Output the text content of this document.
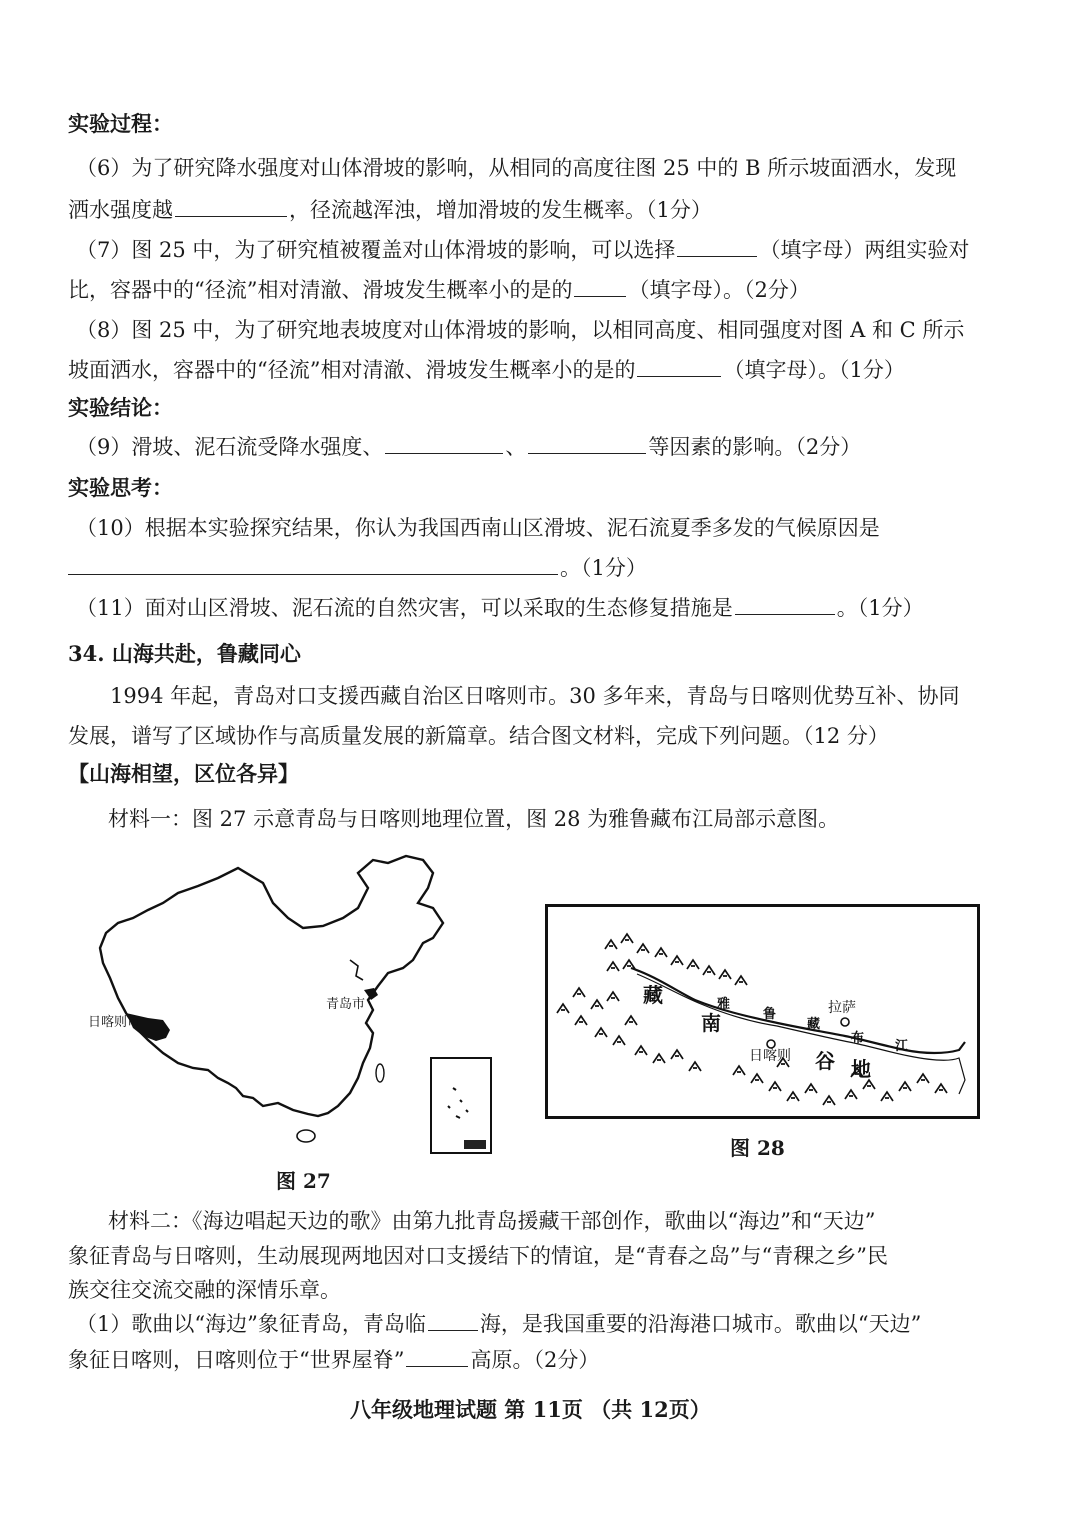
实验过程：
（6）为了研究降水强度对山体滑坡的影响，从相同的高度往图 25 中的 B 所示坡面洒水，发现
洒水强度越	，径流越浑浊，增加滑坡的发生概率。（1分）
（7）图 25 中，为了研究植被覆盖对山体滑坡的影响，可以选择	（填字母）两组实验对
比，容器中的“径流”相对清澈、滑坡发生概率小的是的	（填字母）。（2分）
（8）图 25 中，为了研究地表坡度对山体滑坡的影响，以相同高度、相同强度对图 A 和 C 所示
坡面洒水，容器中的“径流”相对清澈、滑坡发生概率小的是的	（填字母）。（1分）
实验结论：
（9）滑坡、泥石流受降水强度、	、	等因素的影响。（2分）
实验思考：
（10）根据本实验探究结果，你认为我国西南山区滑坡、泥石流夏季多发的气候原因是
。（1分）
（11）面对山区滑坡、泥石流的自然灾害，可以采取的生态修复措施是	。（1分）
34. 山海共赴，鲁藏同心
1994 年起，青岛对口支援西藏自治区日喀则市。30 多年来，青岛与日喀则优势互补、协同
发展，谱写了区域协作与高质量发展的新篇章。结合图文材料，完成下列问题。（12 分）
【山海相望，区位各异】
材料一：图 27 示意青岛与日喀则地理位置，图 28 为雅鲁藏布江局部示意图。
日喀则市
青岛市
图 27
拉萨
日喀则
藏
南
谷 地
雅
鲁
藏
布
江
图 28
材料二：《海边唱起天边的歌》由第九批青岛援藏干部创作，歌曲以“海边”和“天边”
象征青岛与日喀则，生动展现两地因对口支援结下的情谊，是“青春之岛”与“青稞之乡”民
族交往交流交融的深情乐章。
（1）歌曲以“海边”象征青岛，青岛临	海，是我国重要的沿海港口城市。歌曲以“天边”
象征日喀则，日喀则位于“世界屋脊”	高原。（2分）
八年级地理试题 第 11页 （共 12页）
